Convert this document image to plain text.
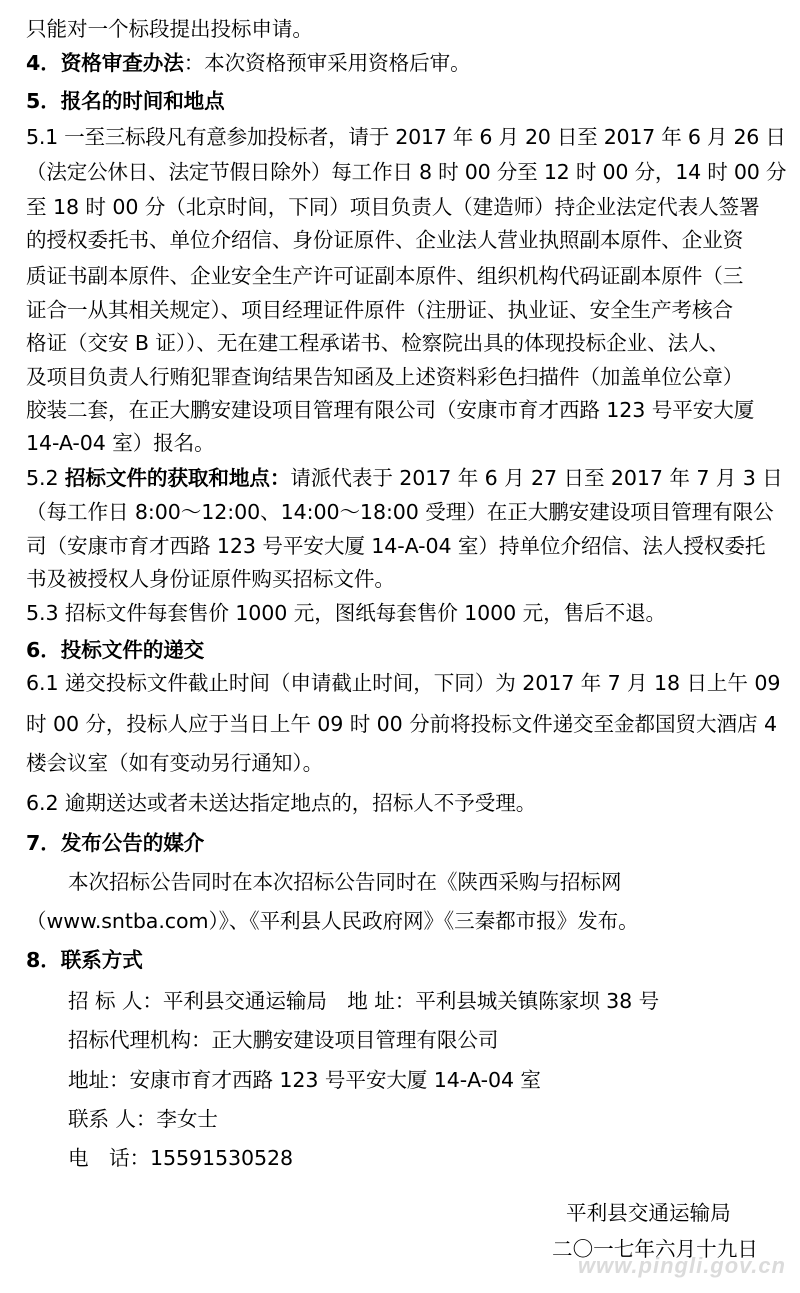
只能对一个标段提出投标申请。
4．资格审查办法：本次资格预审采用资格后审。
5．报名的时间和地点
5.1 一至三标段凡有意参加投标者，请于 2017 年 6 月 20 日至 2017 年 6 月 26 日
（法定公休日、法定节假日除外）每工作日 8 时 00 分至 12 时 00 分，14 时 00 分
至 18 时 00 分（北京时间，下同）项目负责人（建造师）持企业法定代表人签署
的授权委托书、单位介绍信、身份证原件、企业法人营业执照副本原件、企业资
质证书副本原件、企业安全生产许可证副本原件、组织机构代码证副本原件（三
证合一从其相关规定）、项目经理证件原件（注册证、执业证、安全生产考核合
格证（交安 B 证））、无在建工程承诺书、检察院出具的体现投标企业、法人、
及项目负责人行贿犯罪查询结果告知函及上述资料彩色扫描件（加盖单位公章）
胶装二套，在正大鹏安建设项目管理有限公司（安康市育才西路 123 号平安大厦
14-A-04 室）报名。
5.2 招标文件的获取和地点：请派代表于 2017 年 6 月 27 日至 2017 年 7 月 3 日
（每工作日 8:00～12:00、14:00～18:00 受理）在正大鹏安建设项目管理有限公
司（安康市育才西路 123 号平安大厦 14-A-04 室）持单位介绍信、法人授权委托
书及被授权人身份证原件购买招标文件。
5.3 招标文件每套售价 1000 元，图纸每套售价 1000 元，售后不退。
6．投标文件的递交
6.1 递交投标文件截止时间（申请截止时间，下同）为 2017 年 7 月 18 日上午 09
时 00 分，投标人应于当日上午 09 时 00 分前将投标文件递交至金都国贸大酒店 4
楼会议室（如有变动另行通知）。
6.2 逾期送达或者未送达指定地点的，招标人不予受理。
7．发布公告的媒介
本次招标公告同时在本次招标公告同时在《陕西采购与招标网
（www.sntba.com）》、《平利县人民政府网》《三秦都市报》发布。
8．联系方式
招 标 人：平利县交通运输局　地 址：平利县城关镇陈家坝 38 号
招标代理机构：正大鹏安建设项目管理有限公司
地址：安康市育才西路 123 号平安大厦 14-A-04 室
联系 人：李女士
电　话：15591530528
平利县交通运输局
二〇一七年六月十九日
www.pingli.gov.cn
